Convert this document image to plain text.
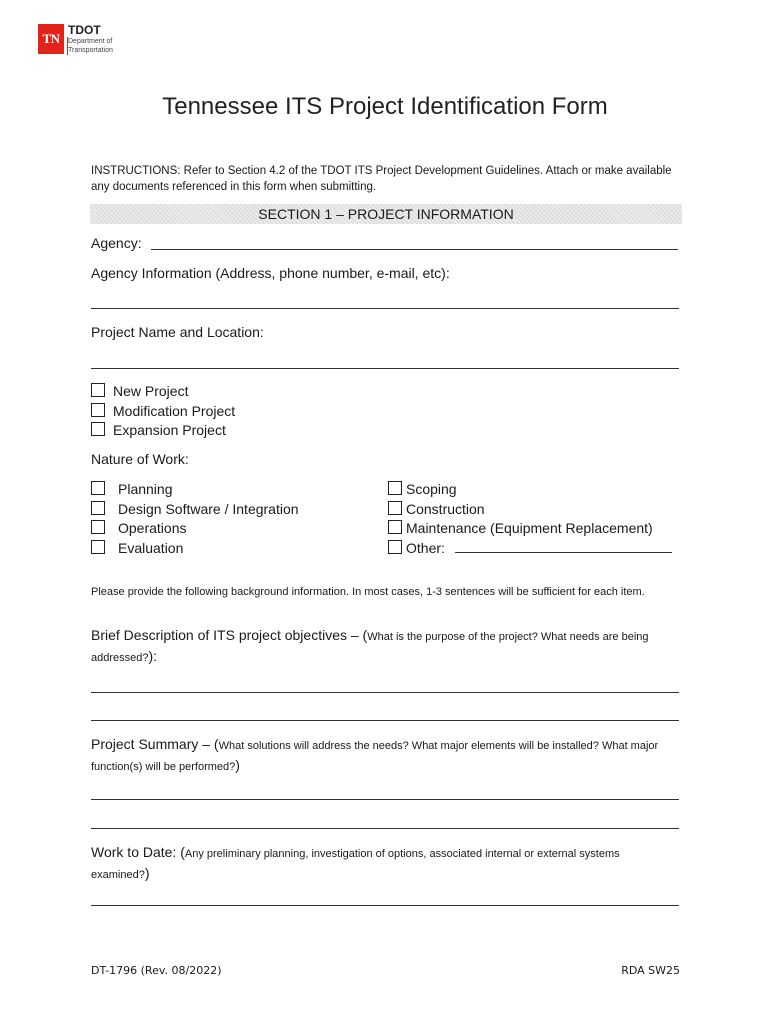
TN
TDOT
Department of
Transportation
Tennessee ITS Project Identification Form
INSTRUCTIONS: Refer to Section 4.2 of the TDOT ITS Project Development Guidelines. Attach or make available any documents referenced in this form when submitting.
SECTION 1 – PROJECT INFORMATION
Agency:
Agency Information (Address, phone number, e-mail, etc):
Project Name and Location:
New Project
Modification Project
Expansion Project
Nature of Work:
Planning
Design Software / Integration
Operations
Evaluation
Scoping
Construction
Maintenance (Equipment Replacement)
Other:
Please provide the following background information. In most cases, 1-3 sentences will be sufficient for each item.
Brief Description of ITS project objectives – (What is the purpose of the project? What needs are being addressed?):
Project Summary – (What solutions will address the needs? What major elements will be installed? What major function(s) will be performed?)
Work to Date: (Any preliminary planning, investigation of options, associated internal or external systems examined?)
DT-1796 (Rev. 08/2022)	RDA SW25
